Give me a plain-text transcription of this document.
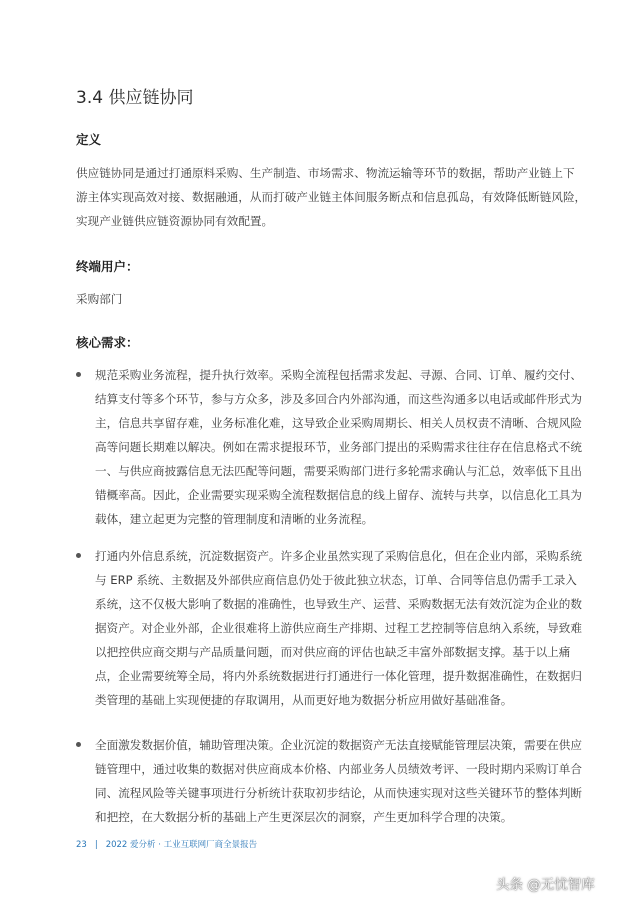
3.4 供应链协同
定义
供应链协同是通过打通原料采购、生产制造、市场需求、物流运输等环节的数据，帮助产业链上下
游主体实现高效对接、数据融通，从而打破产业链主体间服务断点和信息孤岛，有效降低断链风险，
实现产业链供应链资源协同有效配置。
终端用户：
采购部门
核心需求：
规范采购业务流程，提升执行效率。采购全流程包括需求发起、寻源、合同、订单、履约交付、
结算支付等多个环节，参与方众多，涉及多回合内外部沟通，而这些沟通多以电话或邮件形式为
主，信息共享留存难，业务标准化难，这导致企业采购周期长、相关人员权责不清晰、合规风险
高等问题长期难以解决。例如在需求提报环节，业务部门提出的采购需求往往存在信息格式不统
一、与供应商披露信息无法匹配等问题，需要采购部门进行多轮需求确认与汇总，效率低下且出
错概率高。因此，企业需要实现采购全流程数据信息的线上留存、流转与共享，以信息化工具为
载体，建立起更为完整的管理制度和清晰的业务流程。
打通内外信息系统，沉淀数据资产。许多企业虽然实现了采购信息化，但在企业内部，采购系统
与 ERP 系统、主数据及外部供应商信息仍处于彼此独立状态，订单、合同等信息仍需手工录入
系统，这不仅极大影响了数据的准确性，也导致生产、运营、采购数据无法有效沉淀为企业的数
据资产。对企业外部，企业很难将上游供应商生产排期、过程工艺控制等信息纳入系统，导致难
以把控供应商交期与产品质量问题，而对供应商的评估也缺乏丰富外部数据支撑。基于以上痛
点，企业需要统筹全局，将内外系统数据进行打通进行一体化管理，提升数据准确性，在数据归
类管理的基础上实现便捷的存取调用，从而更好地为数据分析应用做好基础准备。
全面激发数据价值，辅助管理决策。企业沉淀的数据资产无法直接赋能管理层决策，需要在供应
链管理中，通过收集的数据对供应商成本价格、内部业务人员绩效考评、一段时期内采购订单合
同、流程风险等关键事项进行分析统计获取初步结论，从而快速实现对这些关键环节的整体判断
和把控，在大数据分析的基础上产生更深层次的洞察，产生更加科学合理的决策。
23 | 2022 爱分析 · 工业互联网厂商全景报告
头条 @无忧智库
